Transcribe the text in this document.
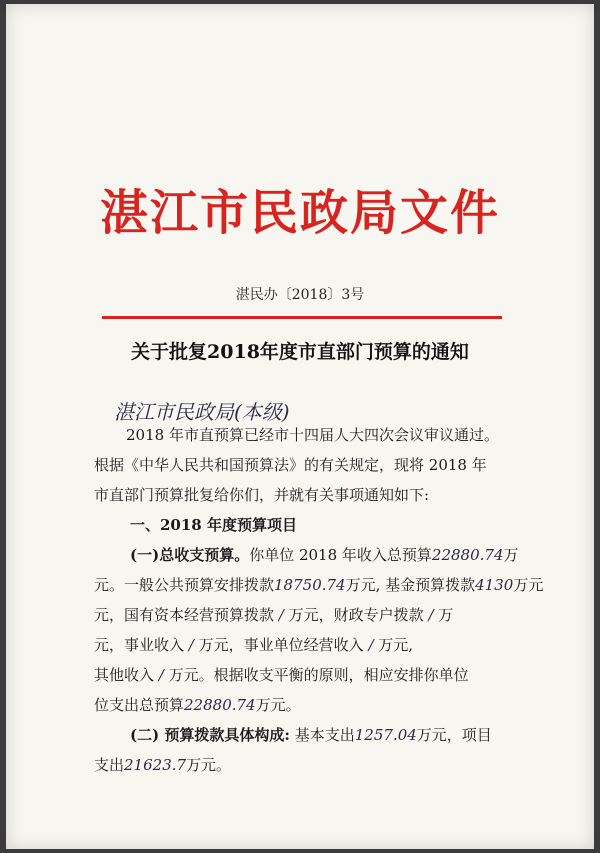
湛江市民政局文件
湛民办〔2018〕3号
关于批复2018年度市直部门预算的通知
湛江市民政局(本级)
2018 年市直预算已经市十四届人大四次会议审议通过。
根据《中华人民共和国预算法》的有关规定，现将 2018 年
市直部门预算批复给你们，并就有关事项通知如下:
一、2018 年度预算项目
(一)总收支预算。你单位 2018 年收入总预算22880.74万
元。一般公共预算安排拨款18750.74万元, 基金预算拨款4130万元
元，国有资本经营预算拨款 / 万元，财政专户拨款 / 万
元，事业收入 / 万元，事业单位经营收入 / 万元,
其他收入 / 万元。根据收支平衡的原则，相应安排你单位
位支出总预算22880.74万元。
(二) 预算拨款具体构成: 基本支出1257.04万元，项目
支出21623.7万元。
